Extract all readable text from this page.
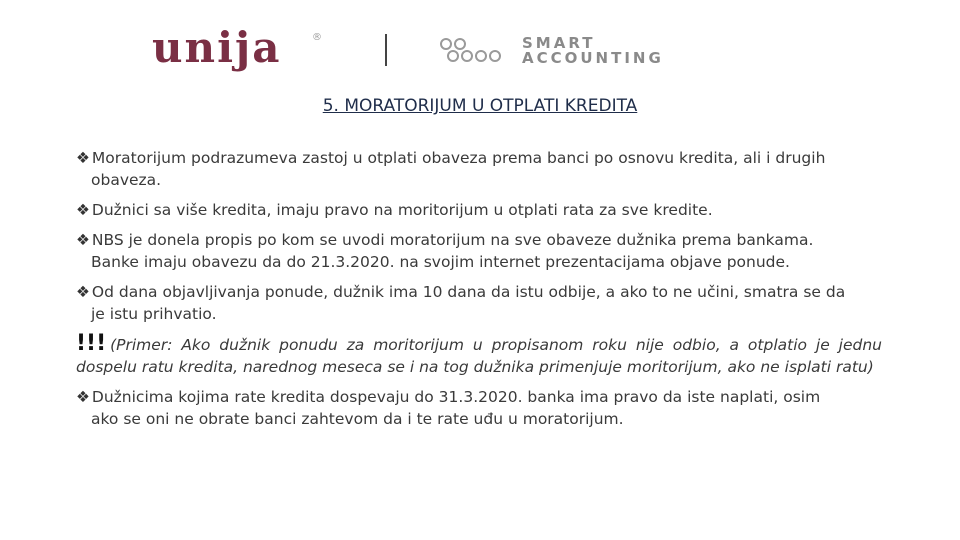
unija	®	SMART
ACCOUNTING
5. MORATORIJUM U OTPLATI KREDITA

❖ Moratorijum podrazumeva zastoj u otplati obaveza prema banci po osnovu kredita, ali i drugih
obaveza.

❖ Dužnici sa više kredita, imaju pravo na moritorijum u otplati rata za sve kredite.

❖ NBS je donela propis po kom se uvodi moratorijum na sve obaveze dužnika prema bankama.
Banke imaju obavezu da do 21.3.2020. na svojim internet prezentacijama objave ponude.

❖ Od dana objavljivanja ponude, dužnik ima 10 dana da istu odbije, a ako to ne učini, smatra se da
je istu prihvatio.

!!! (Primer: Ako dužnik ponudu za moritorijum u propisanom roku nije odbio, a otplatio je jednu dospelu ratu kredita, narednog meseca se i na tog dužnika primenjuje moritorijum, ako ne isplati ratu)

❖ Dužnicima kojima rate kredita dospevaju do 31.3.2020. banka ima pravo da iste naplati, osim
ako se oni ne obrate banci zahtevom da i te rate uđu u moratorijum.
